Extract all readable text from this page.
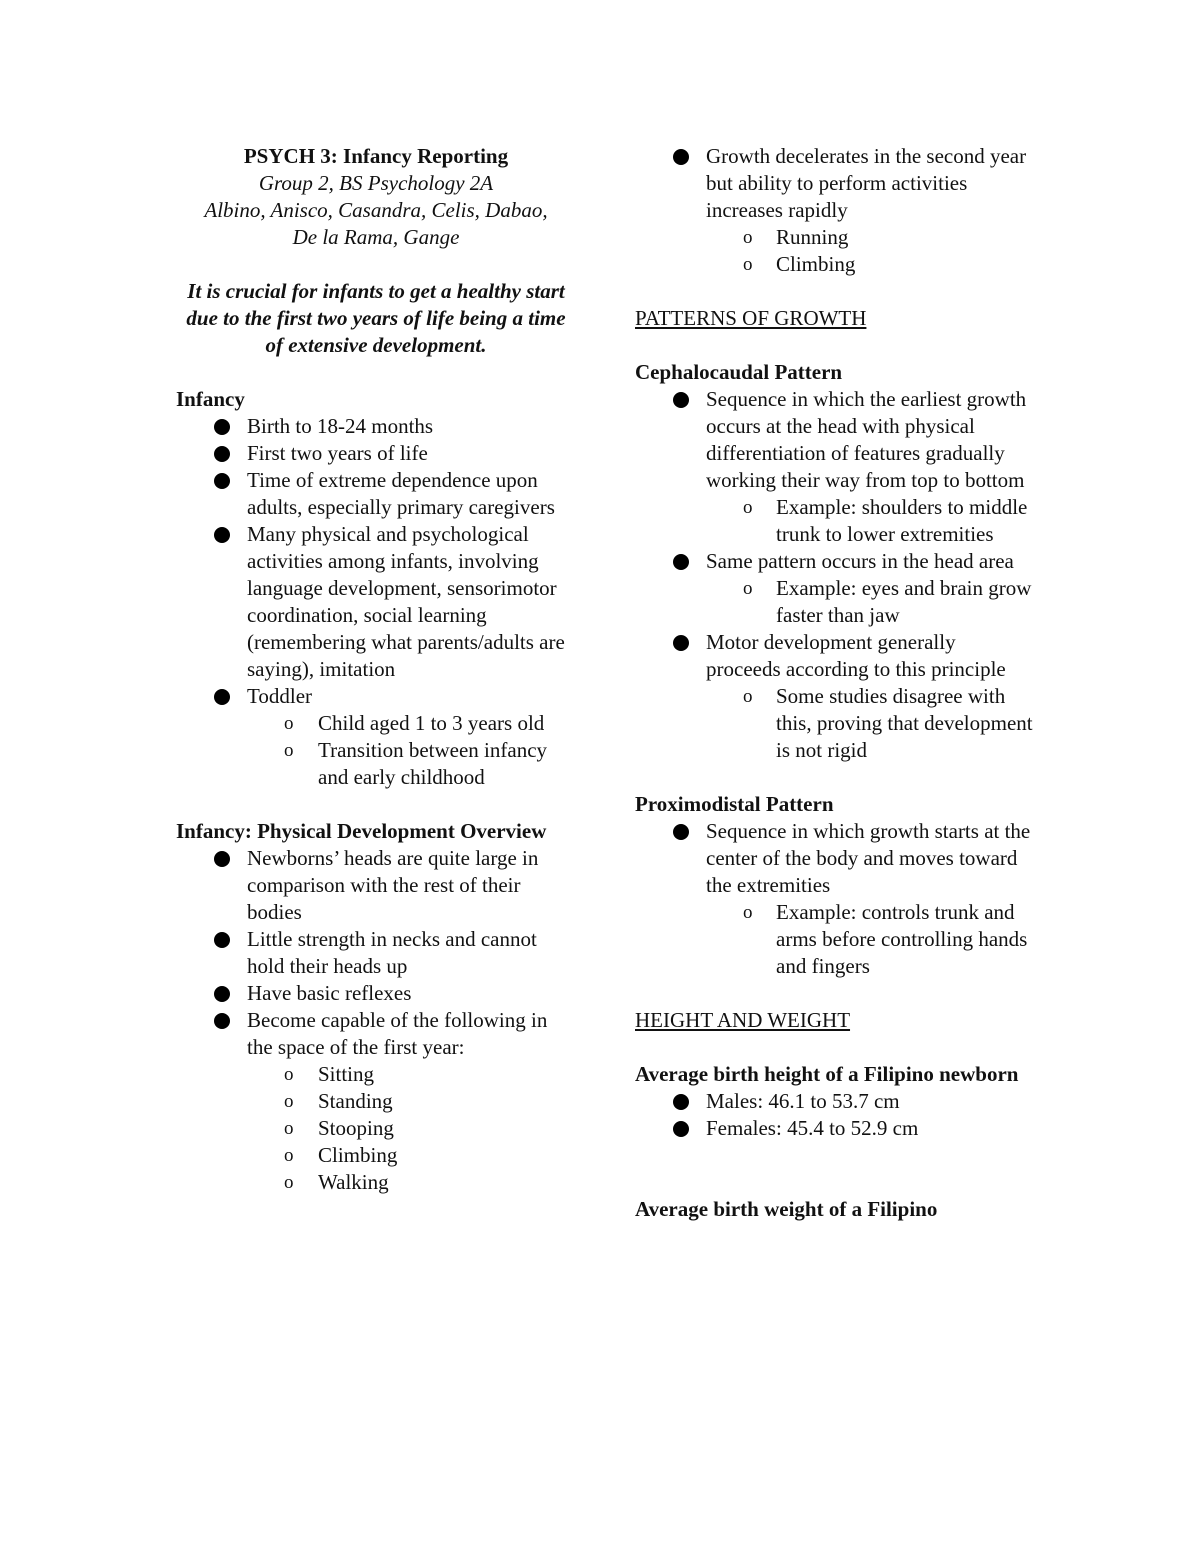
PSYCH 3: Infancy Reporting
Group 2, BS Psychology 2A
Albino, Anisco, Casandra, Celis, Dabao,
De la Rama, Gange
It is crucial for infants to get a healthy start due to the first two years of life being a time of extensive development.
Infancy
Birth to 18-24 months
First two years of life
Time of extreme dependence upon adults, especially primary caregivers
Many physical and psychological activities among infants, involving language development, sensorimotor coordination, social learning (remembering what parents/adults are saying), imitation
Toddler
o Child aged 1 to 3 years old
o Transition between infancy and early childhood
Infancy: Physical Development Overview
Newborns’ heads are quite large in comparison with the rest of their bodies
Little strength in necks and cannot hold their heads up
Have basic reflexes
Become capable of the following in the space of the first year:
o Sitting
o Standing
o Stooping
o Climbing
o Walking
Growth decelerates in the second year but ability to perform activities increases rapidly
o Running
o Climbing
PATTERNS OF GROWTH
Cephalocaudal Pattern
Sequence in which the earliest growth occurs at the head with physical differentiation of features gradually working their way from top to bottom
o Example: shoulders to middle trunk to lower extremities
Same pattern occurs in the head area
o Example: eyes and brain grow faster than jaw
Motor development generally proceeds according to this principle
o Some studies disagree with this, proving that development is not rigid
Proximodistal Pattern
Sequence in which growth starts at the center of the body and moves toward the extremities
o Example: controls trunk and arms before controlling hands and fingers
HEIGHT AND WEIGHT
Average birth height of a Filipino newborn
Males: 46.1 to 53.7 cm
Females: 45.4 to 52.9 cm
Average birth weight of a Filipino
